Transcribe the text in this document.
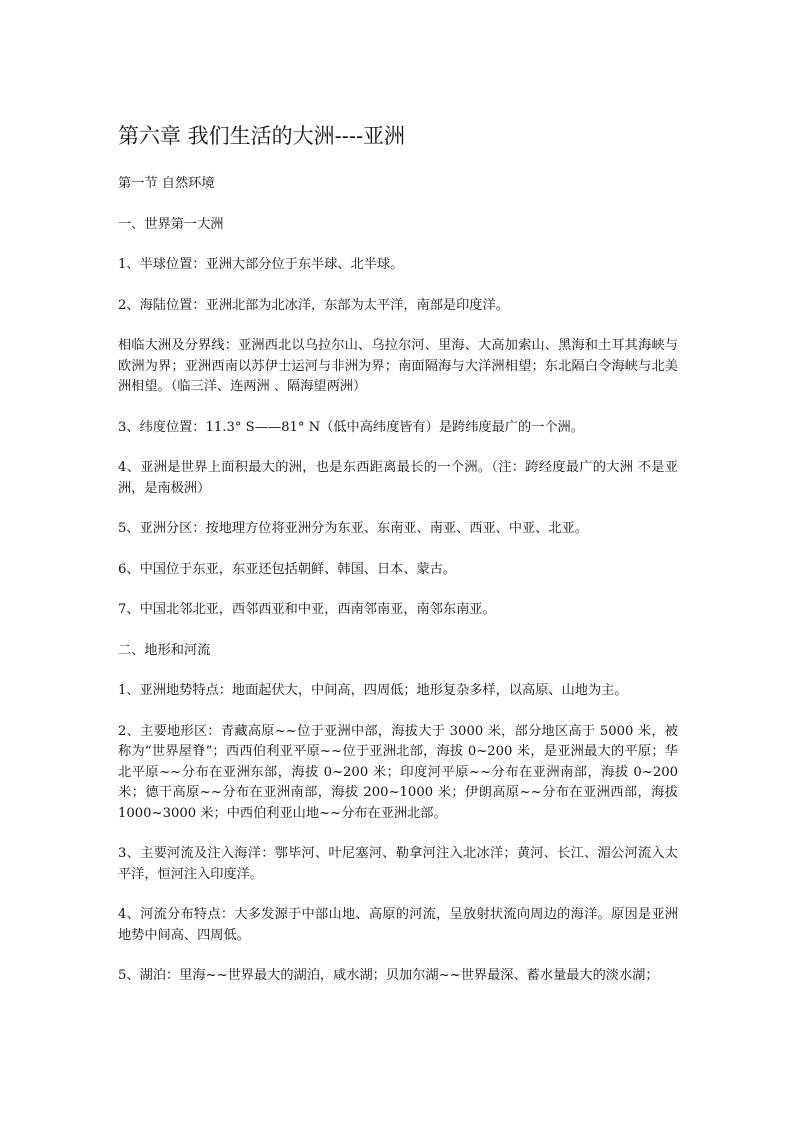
第六章 我们生活的大洲----亚洲
第一节 自然环境
一、世界第一大洲
1、半球位置：亚洲大部分位于东半球、北半球。
2、海陆位置：亚洲北部为北冰洋，东部为太平洋，南部是印度洋。
相临大洲及分界线：亚洲西北以乌拉尔山、乌拉尔河、里海、大高加索山、黑海和土耳其海峡与欧洲为界；亚洲西南以苏伊士运河与非洲为界；南面隔海与大洋洲相望；东北隔白令海峡与北美洲相望。（临三洋、连两洲 、隔海望两洲）
3、纬度位置：11.3° S——81° N（低中高纬度皆有）是跨纬度最广的一个洲。
4、亚洲是世界上面积最大的洲，也是东西距离最长的一个洲。（注：跨经度最广的大洲 不是亚洲，是南极洲）
5、亚洲分区：按地理方位将亚洲分为东亚、东南亚、南亚、西亚、中亚、北亚。
6、中国位于东亚，东亚还包括朝鲜、韩国、日本、蒙古。
7、中国北邻北亚，西邻西亚和中亚，西南邻南亚，南邻东南亚。
二、地形和河流
1、亚洲地势特点：地面起伏大，中间高，四周低；地形复杂多样，以高原、山地为主。
2、主要地形区：青藏高原~~位于亚洲中部，海拔大于 3000 米，部分地区高于 5000 米，被称为“世界屋脊”；西西伯利亚平原~~位于亚洲北部，海拔 0~200 米，是亚洲最大的平原；华北平原~~分布在亚洲东部，海拔 0~200 米；印度河平原~~分布在亚洲南部，海拔 0~200 米；德干高原~~分布在亚洲南部，海拔 200~1000 米；伊朗高原~~分布在亚洲西部，海拔 1000~3000 米；中西伯利亚山地~~分布在亚洲北部。
3、主要河流及注入海洋：鄂毕河、叶尼塞河、勒拿河注入北冰洋；黄河、长江、湄公河流入太平洋，恒河注入印度洋。
4、河流分布特点：大多发源于中部山地、高原的河流，呈放射状流向周边的海洋。原因是亚洲地势中间高、四周低。
5、湖泊：里海~~世界最大的湖泊，咸水湖；贝加尔湖~~世界最深、蓄水量最大的淡水湖；
